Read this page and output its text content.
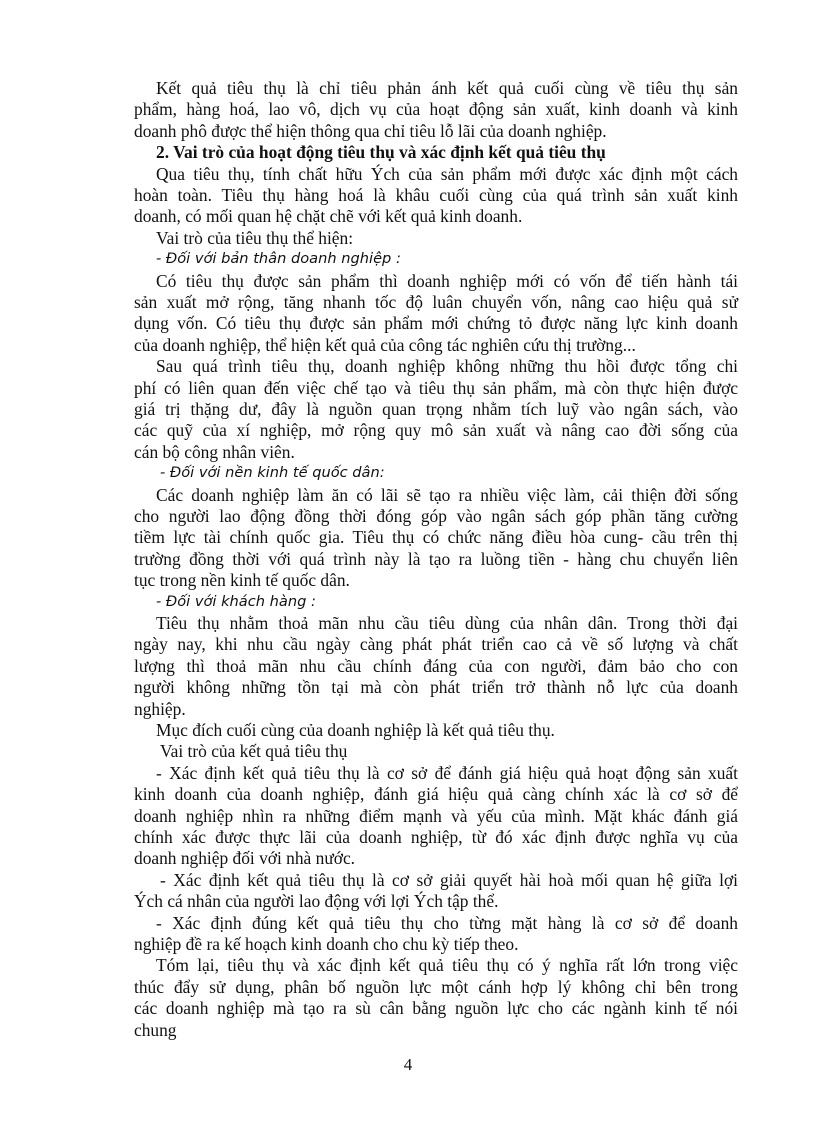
4
Kết quả tiêu thụ là chỉ tiêu phản ánh kết quả cuối cùng về tiêu thụ sản
phẩm, hàng hoá, lao vô, dịch vụ của hoạt động sản xuất, kinh doanh và kinh
doanh phô được thể hiện thông qua chỉ tiêu lỗ lãi của doanh nghiệp.
2. Vai trò của hoạt động tiêu thụ và xác định kết quả tiêu thụ
Qua tiêu thụ, tính chất hữu Ých của sản phẩm mới được xác định một cách
hoàn toàn. Tiêu thụ hàng hoá là khâu cuối cùng của quá trình sản xuất kinh
doanh, có mối quan hệ chặt chẽ với kết quả kinh doanh.
Vai trò của tiêu thụ thể hiện:
- Đối với bản thân doanh nghiệp :
Có tiêu thụ được sản phẩm thì doanh nghiệp mới có vốn để tiến hành tái
sản xuất mở rộng, tăng nhanh tốc độ luân chuyển vốn, nâng cao hiệu quả sử
dụng vốn. Có tiêu thụ được sản phẩm mới chứng tỏ được năng lực kinh doanh
của doanh nghiệp, thể hiện kết quả của công tác nghiên cứu thị trường...
Sau quá trình tiêu thụ, doanh nghiệp không những thu hồi được tổng chi
phí có liên quan đến việc chế tạo và tiêu thụ sản phẩm, mà còn thực hiện được
giá trị thặng dư, đây là nguồn quan trọng nhằm tích luỹ vào ngân sách, vào
các quỹ của xí nghiệp, mở rộng quy mô sản xuất và nâng cao đời sống của
cán bộ công nhân viên.
- Đối với nền kinh tế quốc dân:
Các doanh nghiệp làm ăn có lãi sẽ tạo ra nhiều việc làm, cải thiện đời sống
cho người lao động đồng thời đóng góp vào ngân sách góp phần tăng cường
tiềm lực tài chính quốc gia. Tiêu thụ có chức năng điều hòa cung- cầu trên thị
trường đồng thời với quá trình này là tạo ra luồng tiền - hàng chu chuyển liên
tục trong nền kinh tế quốc dân.
- Đối với khách hàng :
Tiêu thụ nhằm thoả mãn nhu cầu tiêu dùng của nhân dân. Trong thời đại
ngày nay, khi nhu cầu ngày càng phát phát triển cao cả về số lượng và chất
lượng thì thoả mãn nhu cầu chính đáng của con người, đảm bảo cho con
người không những tồn tại mà còn phát triển trở thành nỗ lực của doanh
nghiệp.
Mục đích cuối cùng của doanh nghiệp là kết quả tiêu thụ.
Vai trò của kết quả tiêu thụ
- Xác định kết quả tiêu thụ là cơ sở để đánh giá hiệu quả hoạt động sản xuất
kinh doanh của doanh nghiệp, đánh giá hiệu quả càng chính xác là cơ sở để
doanh nghiệp nhìn ra những điểm mạnh và yếu của mình. Mặt khác đánh giá
chính xác được thực lãi của doanh nghiệp, từ đó xác định được nghĩa vụ của
doanh nghiệp đối với nhà nước.
- Xác định kết quả tiêu thụ là cơ sở giải quyết hài hoà mối quan hệ giữa lợi
Ých cá nhân của người lao động với lợi Ých tập thể.
- Xác định đúng kết quả tiêu thụ cho từng mặt hàng là cơ sở để doanh
nghiệp đề ra kế hoạch kinh doanh cho chu kỳ tiếp theo.
Tóm lại, tiêu thụ và xác định kết quả tiêu thụ có ý nghĩa rất lớn trong việc
thúc đẩy sử dụng, phân bố nguồn lực một cánh hợp lý không chỉ bên trong
các doanh nghiệp mà tạo ra sù cân bằng nguồn lực cho các ngành kinh tế nói
chung
